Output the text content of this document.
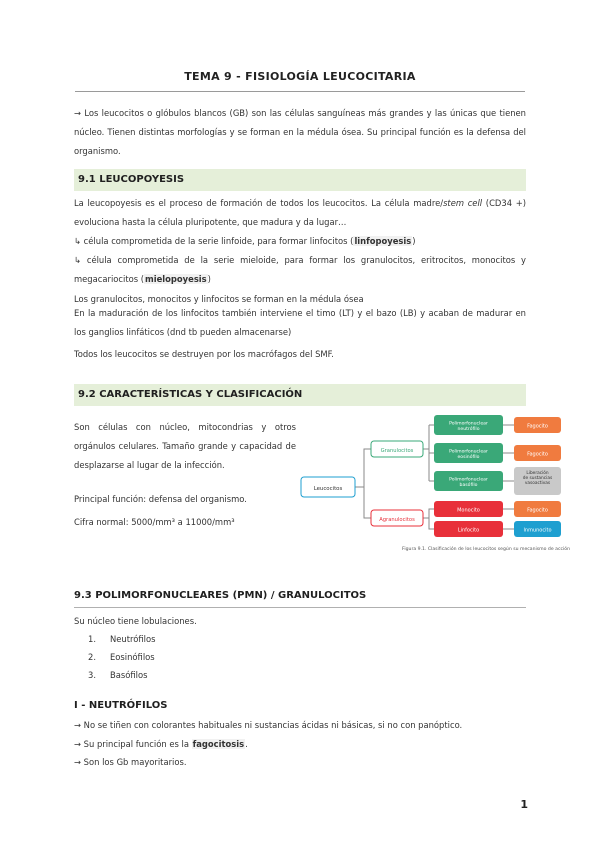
TEMA 9 - FISIOLOGÍA LEUCOCITARIA
→ Los leucocitos o glóbulos blancos (GB) son las células sanguíneas más grandes y las únicas que tienen núcleo. Tienen distintas morfologías y se forman en la médula ósea. Su principal función es la defensa del organismo.
9.1 LEUCOPOYESIS
La leucopoyesis es el proceso de formación de todos los leucocitos. La célula madre/stem cell (CD34 +) evoluciona hasta la célula pluripotente, que madura y da lugar…
↳ célula comprometida de la serie linfoide, para formar linfocitos (linfopoyesis)
↳ célula comprometida de la serie mieloide, para formar los granulocitos, eritrocitos, monocitos y megacariocitos (mielopoyesis)
Los granulocitos, monocitos y linfocitos se forman en la médula ósea
En la maduración de los linfocitos también interviene el timo (LT) y el bazo (LB) y acaban de madurar en los ganglios linfáticos (dnd tb pueden almacenarse)
Todos los leucocitos se destruyen por los macrófagos del SMF.
9.2 CARACTERÍSTICAS Y CLASIFICACIÓN
Son células con núcleo, mitocondrias y otros orgánulos celulares. Tamaño grande y capacidad de desplazarse al lugar de la infección.
Principal función: defensa del organismo.
Cifra normal: 5000/mm³ a 11000/mm³
Leucocitos
Granulocitos
Agranulocitos
Polimorfonuclear neutrófilo
Polimorfonuclear eosinófilo
Polimorfonuclear basófilo
Monocito
Linfocito
Fagocito
Fagocito
Liberación de sustancias vasoactivas
Fagocito
Inmunocito
Figura 9.1. Clasificación de los leucocitos según su mecanismo de acción
9.3 POLIMORFONUCLEARES (PMN) / GRANULOCITOS
Su núcleo tiene lobulaciones.
1. Neutrófilos
2. Eosinófilos
3. Basófilos
I - NEUTRÓFILOS
→ No se tiñen con colorantes habituales ni sustancias ácidas ni básicas, si no con panóptico.
→ Su principal función es la fagocitosis.
→ Son los Gb mayoritarios.
1
